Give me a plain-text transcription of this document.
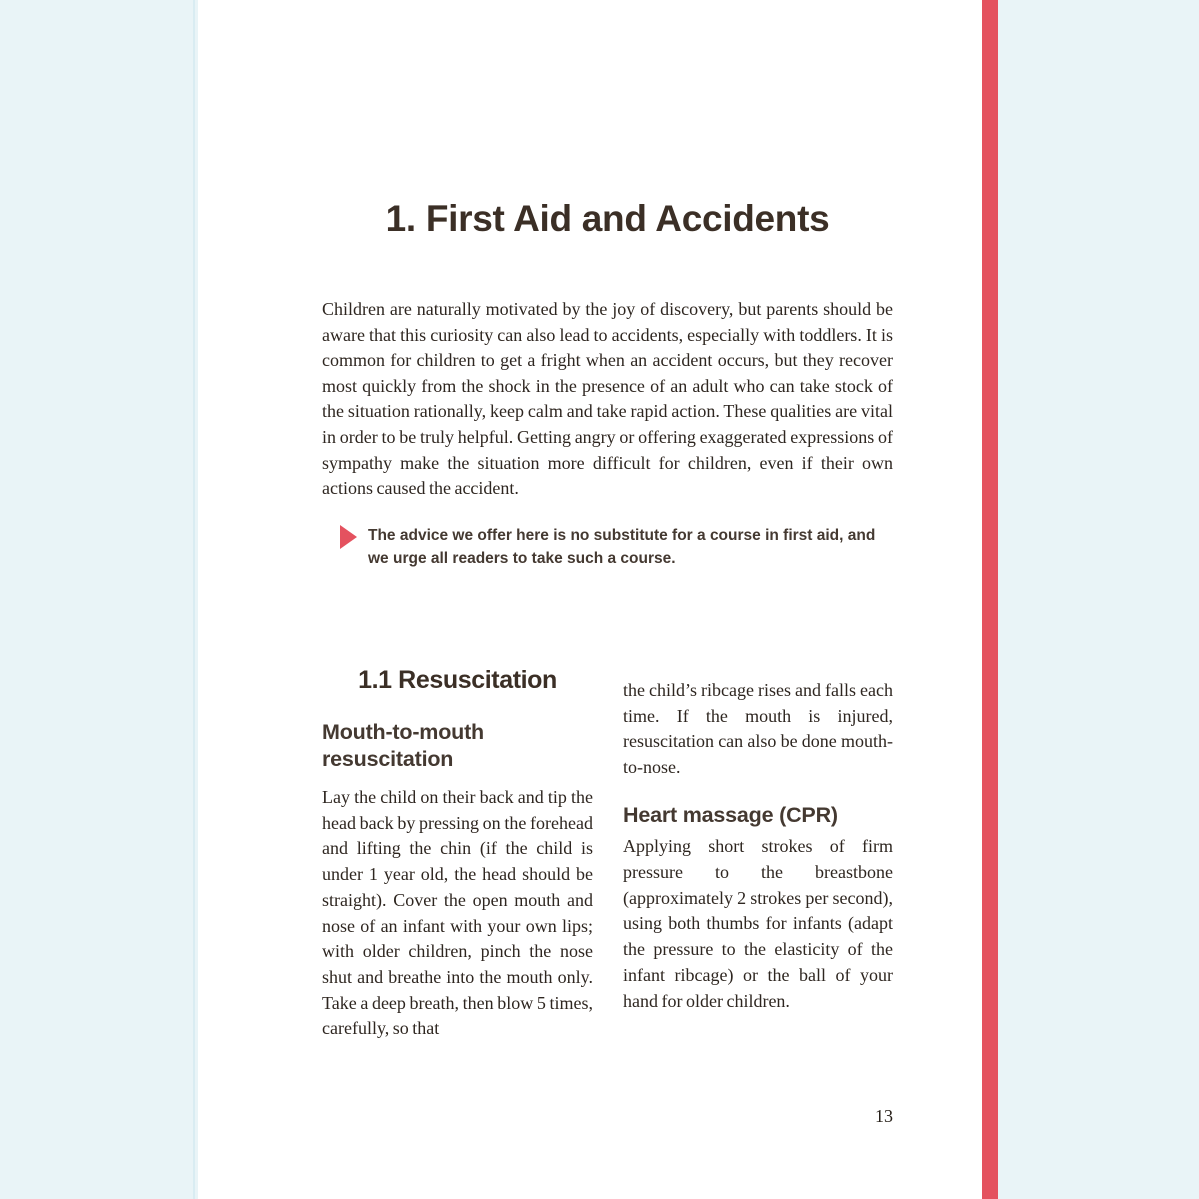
1. First Aid and Accidents

Children are naturally motivated by the joy of discovery, but parents should be aware that this curiosity can also lead to accidents, especially with toddlers. It is common for children to get a fright when an accident occurs, but they recover most quickly from the shock in the presence of an adult who can take stock of the situation rationally, keep calm and take rapid action. These qualities are vital in order to be truly helpful. Getting angry or offering exaggerated expressions of sympathy make the situation more difficult for children, even if their own actions caused the accident.

The advice we offer here is no substitute for a course in first aid, and we urge all readers to take such a course.

1.1 Resuscitation
Mouth-to-mouth resuscitation

Lay the child on their back and tip the head back by pressing on the forehead and lifting the chin (if the child is under 1 year old, the head should be straight). Cover the open mouth and nose of an infant with your own lips; with older children, pinch the nose shut and breathe into the mouth only. Take a deep breath, then blow 5 times, carefully, so that

the child’s ribcage rises and falls each time. If the mouth is injured, resuscitation can also be done mouth-to-nose.

Heart massage (CPR)

Applying short strokes of firm pressure to the breastbone (approximately 2 strokes per second), using both thumbs for infants (adapt the pressure to the elasticity of the infant ribcage) or the ball of your hand for older children.

13
